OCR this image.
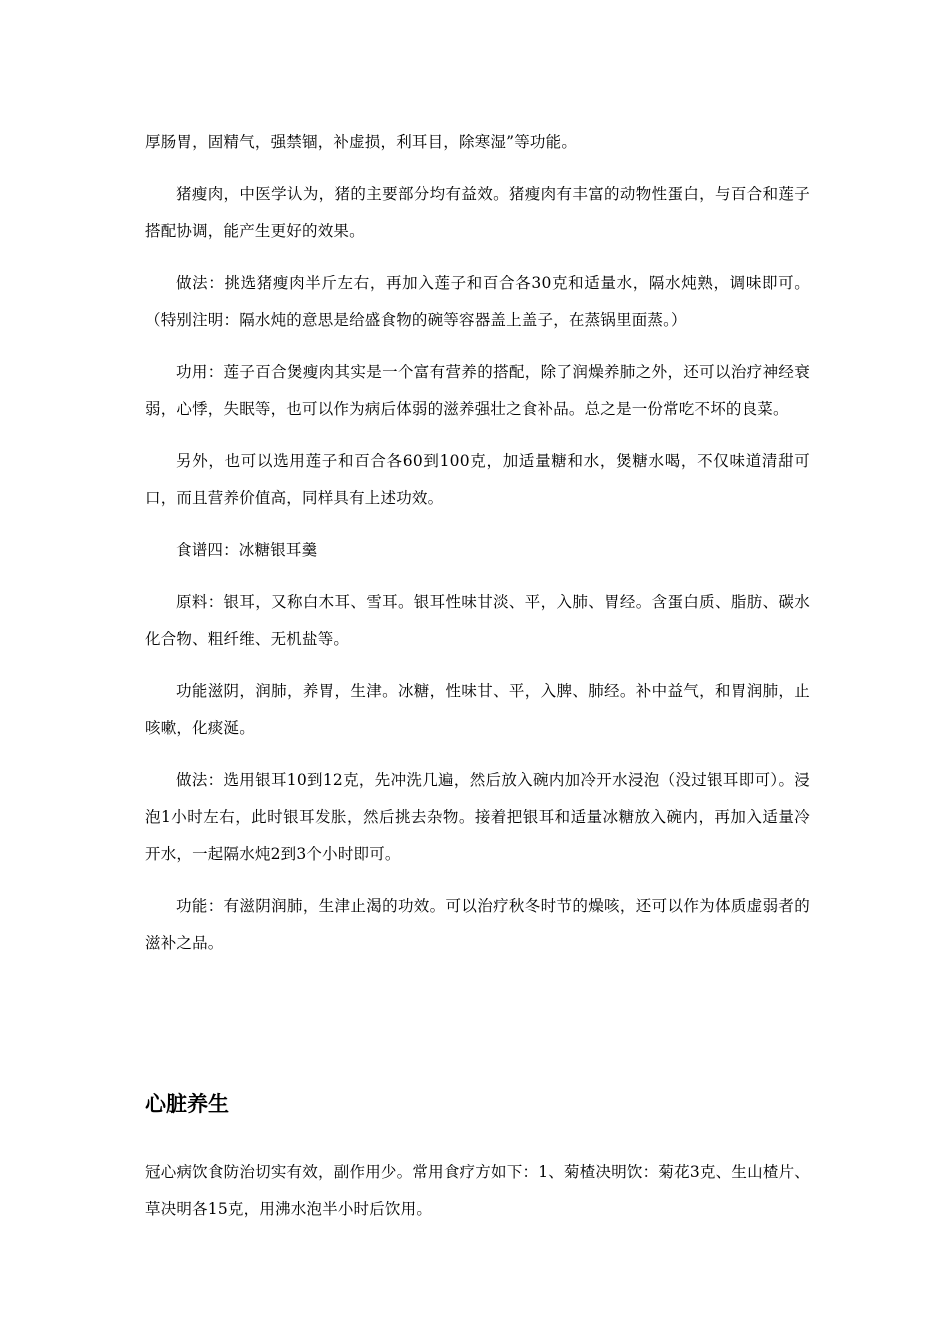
厚肠胃，固精气，强禁锢，补虚损，利耳目，除寒湿”等功能。

猪瘦肉，中医学认为，猪的主要部分均有益效。猪瘦肉有丰富的动物性蛋白，与百合和莲子搭配协调，能产生更好的效果。

做法：挑选猪瘦肉半斤左右，再加入莲子和百合各30克和适量水，隔水炖熟，调味即可。（特别注明：隔水炖的意思是给盛食物的碗等容器盖上盖子，在蒸锅里面蒸。）

功用：莲子百合煲瘦肉其实是一个富有营养的搭配，除了润燥养肺之外，还可以治疗神经衰弱，心悸，失眠等，也可以作为病后体弱的滋养强壮之食补品。总之是一份常吃不坏的良菜。

另外，也可以选用莲子和百合各60到100克，加适量糖和水，煲糖水喝，不仅味道清甜可口，而且营养价值高，同样具有上述功效。

食谱四：冰糖银耳羹

原料：银耳，又称白木耳、雪耳。银耳性味甘淡、平，入肺、胃经。含蛋白质、脂肪、碳水化合物、粗纤维、无机盐等。

功能滋阴，润肺，养胃，生津。冰糖，性味甘、平，入脾、肺经。补中益气，和胃润肺，止咳嗽，化痰涎。

做法：选用银耳10到12克，先冲洗几遍，然后放入碗内加冷开水浸泡（没过银耳即可）。浸泡1小时左右，此时银耳发胀，然后挑去杂物。接着把银耳和适量冰糖放入碗内，再加入适量冷开水，一起隔水炖2到3个小时即可。

功能：有滋阴润肺，生津止渴的功效。可以治疗秋冬时节的燥咳，还可以作为体质虚弱者的滋补之品。

心脏养生

冠心病饮食防治切实有效，副作用少。常用食疗方如下：1、菊楂决明饮：菊花3克、生山楂片、草决明各15克，用沸水泡半小时后饮用。
